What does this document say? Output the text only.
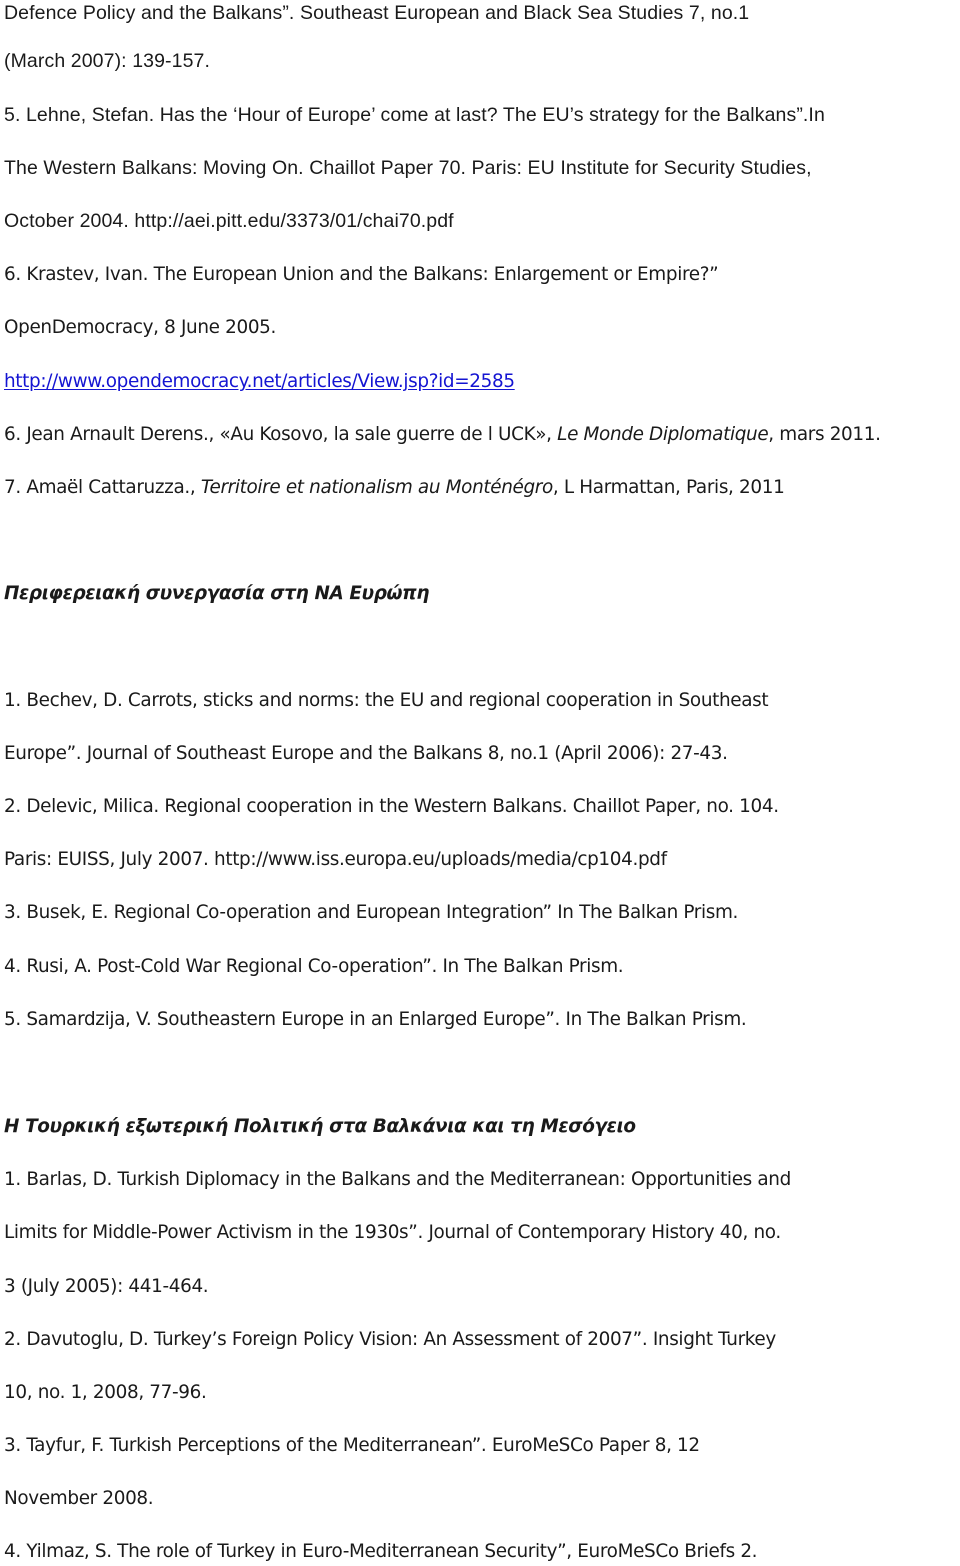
Defence Policy and the Balkans”. Southeast European and Black Sea Studies 7, no.1
(March 2007): 139-157.
5. Lehne, Stefan. Has the ‘Hour of Europe’ come at last? The EU’s strategy for the Balkans”.In
The Western Balkans: Moving On. Chaillot Paper 70. Paris: EU Institute for Security Studies,
October 2004. http://aei.pitt.edu/3373/01/chai70.pdf
6. Krastev, Ivan. The European Union and the Balkans: Enlargement or Empire?”
OpenDemocracy, 8 June 2005.
http://www.opendemocracy.net/articles/View.jsp?id=2585
6. Jean Arnault Derens., «Au Kosovo, la sale guerre de l UCK», Le Monde Diplomatique, mars 2011.
7. Amaël Cattaruzza., Territoire et nationalism au Monténégro, L Harmattan, Paris, 2011
Περιφερειακή συνεργασία στη ΝΑ Ευρώπη
1. Bechev, D. Carrots, sticks and norms: the EU and regional cooperation in Southeast
Europe”. Journal of Southeast Europe and the Balkans 8, no.1 (April 2006): 27-43.
2. Delevic, Milica. Regional cooperation in the Western Balkans. Chaillot Paper, no. 104.
Paris: EUISS, July 2007. http://www.iss.europa.eu/uploads/media/cp104.pdf
3. Busek, E. Regional Co-operation and European Integration” In The Balkan Prism.
4. Rusi, A. Post-Cold War Regional Co-operation”. In The Balkan Prism.
5. Samardzija, V. Southeastern Europe in an Enlarged Europe”. In The Balkan Prism.
Η Τουρκική εξωτερική Πολιτική στα Βαλκάνια και τη Μεσόγειο
1. Barlas, D. Turkish Diplomacy in the Balkans and the Mediterranean: Opportunities and
Limits for Middle-Power Activism in the 1930s”. Journal of Contemporary History 40, no.
3 (July 2005): 441-464.
2. Davutoglu, D. Turkey’s Foreign Policy Vision: An Assessment of 2007”. Insight Turkey
10, no. 1, 2008, 77-96.
3. Tayfur, F. Turkish Perceptions of the Mediterranean”. EuroMeSCo Paper 8, 12
November 2008.
4. Yilmaz, S. The role of Turkey in Euro-Mediterranean Security”, EuroMeSCo Briefs 2.
